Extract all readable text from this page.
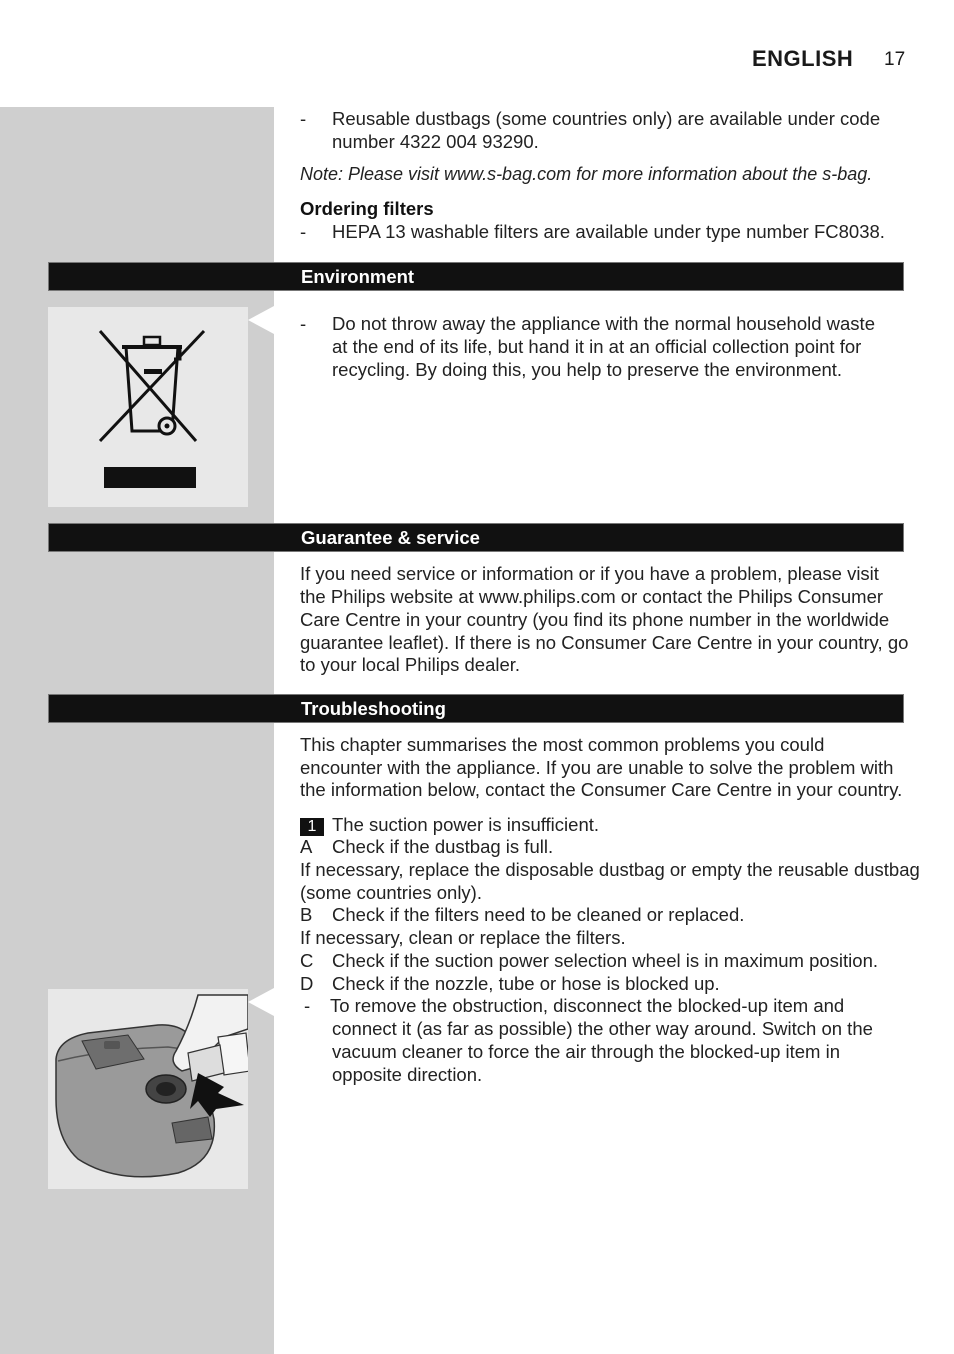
ENGLISH 17
- Reusable dustbags (some countries only) are available under code
number 4322 004 93290.
Note: Please visit www.s-bag.com for more information about the s-bag.
Ordering filters
- HEPA 13 washable filters are available under type number FC8038.
Environment
- Do not throw away the appliance with the normal household waste
at the end of its life, but hand it in at an official collection point for
recycling. By doing this, you help to preserve the environment.
Guarantee & service
If you need service or information or if you have a problem, please visit
the Philips website at www.philips.com or contact the Philips Consumer
Care Centre in your country (you find its phone number in the worldwide
guarantee leaflet). If there is no Consumer Care Centre in your country, go
to your local Philips dealer.
Troubleshooting
This chapter summarises the most common problems you could
encounter with the appliance. If you are unable to solve the problem with
the information below, contact the Consumer Care Centre in your country.
1 The suction power is insufficient.
A Check if the dustbag is full.
If necessary, replace the disposable dustbag or empty the reusable dustbag
(some countries only).
B Check if the filters need to be cleaned or replaced.
If necessary, clean or replace the filters.
C Check if the suction power selection wheel is in maximum position.
D Check if the nozzle, tube or hose is blocked up.
- To remove the obstruction, disconnect the blocked-up item and
connect it (as far as possible) the other way around. Switch on the
vacuum cleaner to force the air through the blocked-up item in
opposite direction.
